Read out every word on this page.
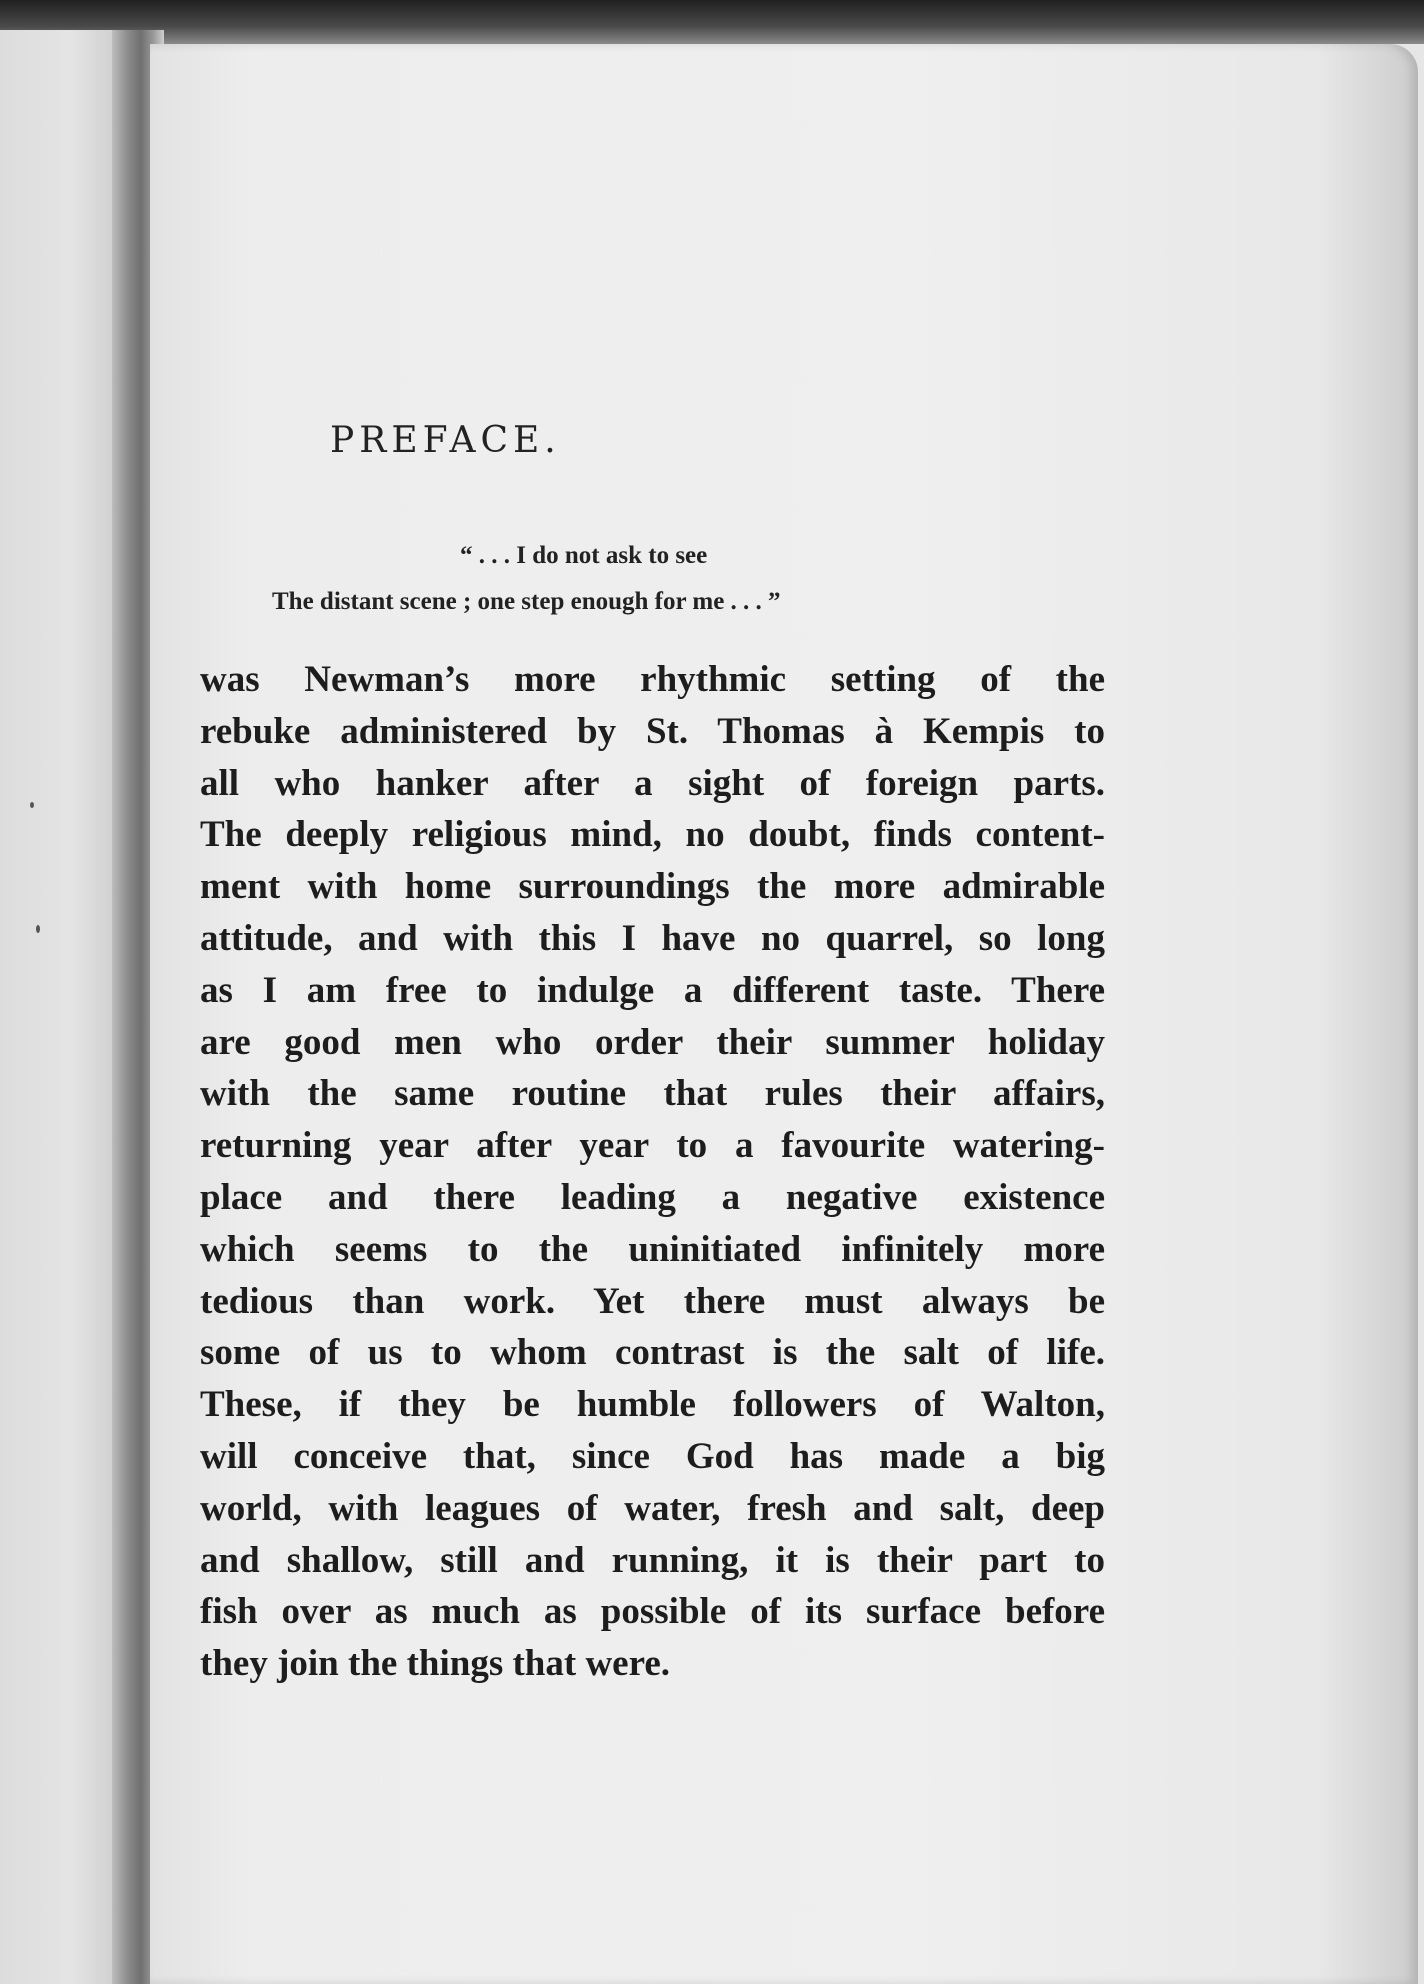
PREFACE.
“ . . . I do not ask to see
The distant scene ; one step enough for me . . . ”
was Newman’s more rhythmic setting of the
rebuke administered by St. Thomas à Kempis to
all who hanker after a sight of foreign parts.
The deeply religious mind, no doubt, finds content-
ment with home surroundings the more admirable
attitude, and with this I have no quarrel, so long
as I am free to indulge a different taste. There
are good men who order their summer holiday
with the same routine that rules their affairs,
returning year after year to a favourite watering-
place and there leading a negative existence
which seems to the uninitiated infinitely more
tedious than work. Yet there must always be
some of us to whom contrast is the salt of life.
These, if they be humble followers of Walton,
will conceive that, since God has made a big
world, with leagues of water, fresh and salt, deep
and shallow, still and running, it is their part to
fish over as much as possible of its surface before
they join the things that were.
